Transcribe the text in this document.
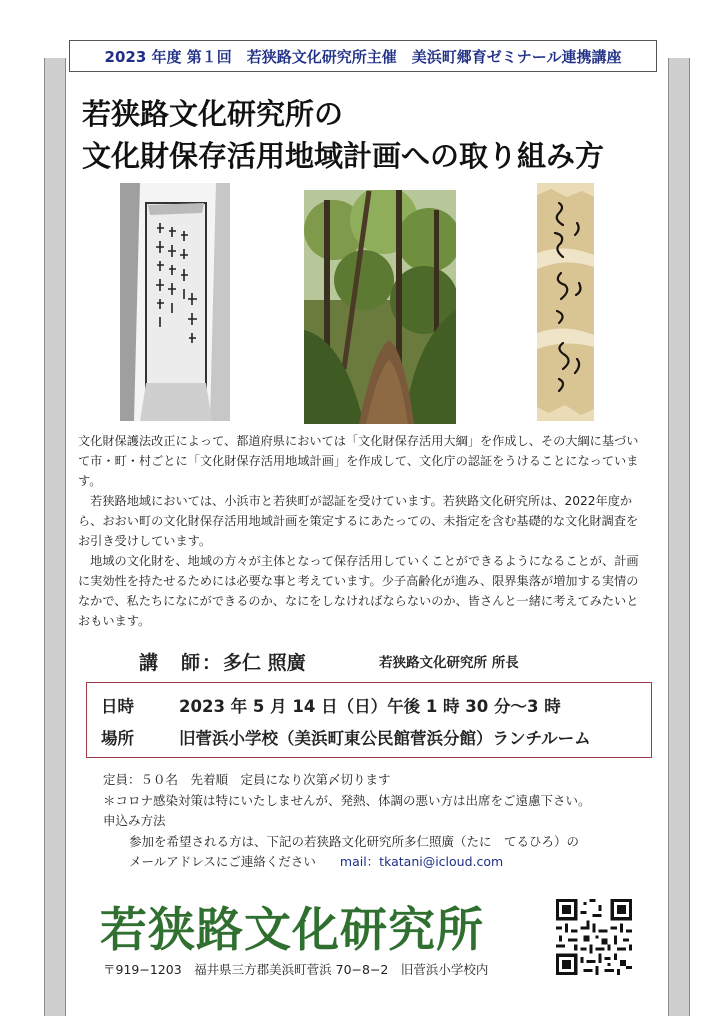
2023 年度 第１回　若狭路文化研究所主催　美浜町郷育ゼミナール連携講座
若狭路文化研究所の
文化財保存活用地域計画への取り組み方
文化財保護法改正によって、都道府県においては「文化財保存活用大綱」を作成し、その大綱に基づいて市・町・村ごとに「文化財保存活用地域計画」を作成して、文化庁の認証をうけることになっています。
　若狭路地域においては、小浜市と若狭町が認証を受けています。若狭路文化研究所は、2022年度から、おおい町の文化財保存活用地域計画を策定するにあたっての、未指定を含む基礎的な文化財調査をお引き受けしています。
　地域の文化財を、地域の方々が主体となって保存活用していくことができるようになることが、計画に実効性を持たせるためには必要な事と考えています。少子高齢化が進み、限界集落が増加する実情のなかで、私たちになにができるのか、なにをしなければならないのか、皆さんと一緒に考えてみたいとおもいます。
講　師：多仁 照廣	若狭路文化研究所 所長
日時	2023 年 5 月 14 日（日）午後 1 時 30 分～3 時
場所	旧菅浜小学校（美浜町東公民館菅浜分館）ランチルーム
定員：５０名　先着順　定員になり次第〆切ります
＊コロナ感染対策は特にいたしませんが、発熱、体調の悪い方は出席をご遠慮下さい。
申込み方法
参加を希望される方は、下記の若狭路文化研究所多仁照廣（たに　てるひろ）の
メールアドレスにご連絡ください mail：tkatani@icloud.com
若狭路文化研究所
〒919−1203　福井県三方郡美浜町菅浜 70−8−2　旧菅浜小学校内
